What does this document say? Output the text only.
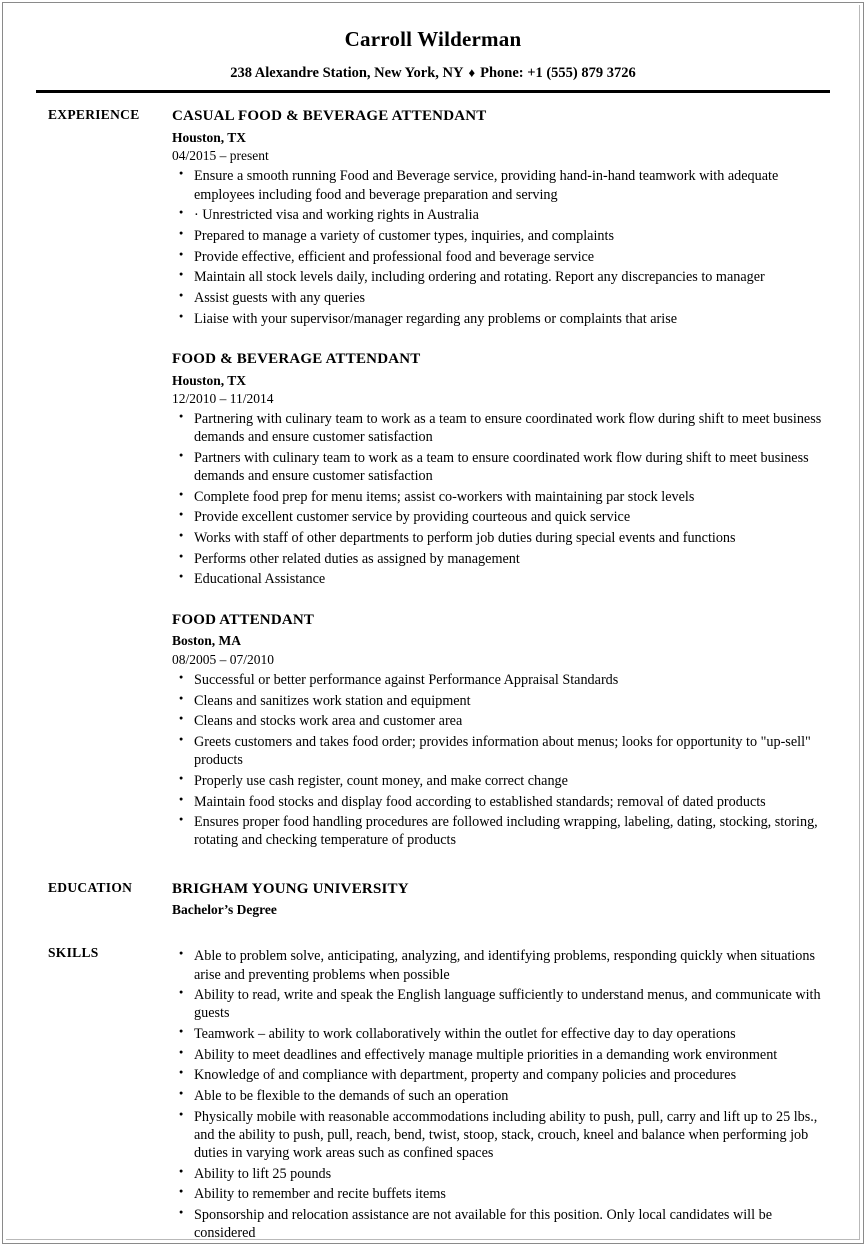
Carroll Wilderman
238 Alexandre Station, New York, NY ♦ Phone: +1 (555) 879 3726
EXPERIENCE	CASUAL FOOD & BEVERAGE ATTENDANT
Houston, TX
04/2015 – present
● Ensure a smooth running Food and Beverage service, providing hand-in-hand teamwork with adequate employees including food and beverage preparation and serving
● · Unrestricted visa and working rights in Australia
● Prepared to manage a variety of customer types, inquiries, and complaints
● Provide effective, efficient and professional food and beverage service
● Maintain all stock levels daily, including ordering and rotating. Report any discrepancies to manager
● Assist guests with any queries
● Liaise with your supervisor/manager regarding any problems or complaints that arise
FOOD & BEVERAGE ATTENDANT
Houston, TX
12/2010 – 11/2014
● Partnering with culinary team to work as a team to ensure coordinated work flow during shift to meet business demands and ensure customer satisfaction
● Partners with culinary team to work as a team to ensure coordinated work flow during shift to meet business demands and ensure customer satisfaction
● Complete food prep for menu items; assist co-workers with maintaining par stock levels
● Provide excellent customer service by providing courteous and quick service
● Works with staff of other departments to perform job duties during special events and functions
● Performs other related duties as assigned by management
● Educational Assistance
FOOD ATTENDANT
Boston, MA
08/2005 – 07/2010
● Successful or better performance against Performance Appraisal Standards
● Cleans and sanitizes work station and equipment
● Cleans and stocks work area and customer area
● Greets customers and takes food order; provides information about menus; looks for opportunity to "up-sell" products
● Properly use cash register, count money, and make correct change
● Maintain food stocks and display food according to established standards; removal of dated products
● Ensures proper food handling procedures are followed including wrapping, labeling, dating, stocking, storing, rotating and checking temperature of products
EDUCATION	BRIGHAM YOUNG UNIVERSITY
Bachelor’s Degree
SKILLS	● Able to problem solve, anticipating, analyzing, and identifying problems, responding quickly when situations arise and preventing problems when possible
● Ability to read, write and speak the English language sufficiently to understand menus, and communicate with guests
● Teamwork – ability to work collaboratively within the outlet for effective day to day operations
● Ability to meet deadlines and effectively manage multiple priorities in a demanding work environment
● Knowledge of and compliance with department, property and company policies and procedures
● Able to be flexible to the demands of such an operation
● Physically mobile with reasonable accommodations including ability to push, pull, carry and lift up to 25 lbs., and the ability to push, pull, reach, bend, twist, stoop, stack, crouch, kneel and balance when performing job duties in varying work areas such as confined spaces
● Ability to lift 25 pounds
● Ability to remember and recite buffets items
● Sponsorship and relocation assistance are not available for this position. Only local candidates will be considered
